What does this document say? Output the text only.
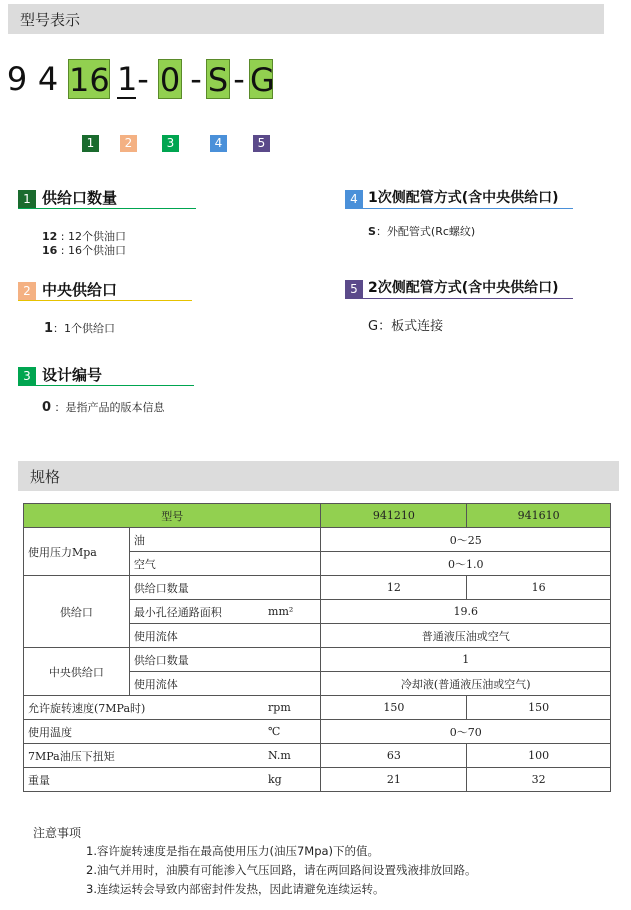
型号表示
9 4 16 1 - 0 - S - G
1	2	3	4	5
1 供给口数量
12 : 12个供油口
16 : 16个供油口
2 中央供给口
1：1个供给口
3 设计编号
0 ：是指产品的版本信息
4 1次侧配管方式(含中央供给口)
S：外配管式(Rc螺纹)
5 2次侧配管方式(含中央供给口)
G：板式连接
规格
型号			941210	941610
使用压力Mpa	油		0～25	
	空气		0～1.0	
供给口	供给口数量		12	16
	最小孔径通路面积	mm²	19.6	
	使用流体		普通液压油或空气	
中央供给口	供给口数量		1	
	使用流体		冷却液(普通液压油或空气)	
允许旋转速度(7MPa时)		rpm	150	150
使用温度		℃	0～70	
7MPa油压下扭矩		N.m	63	100
重量		kg	21	32
注意事项
1.容许旋转速度是指在最高使用压力(油压7Mpa)下的值。
2.油气并用时，油膜有可能渗入气压回路，请在两回路间设置残液排放回路。
3.连续运转会导致内部密封件发热，因此请避免连续运转。
